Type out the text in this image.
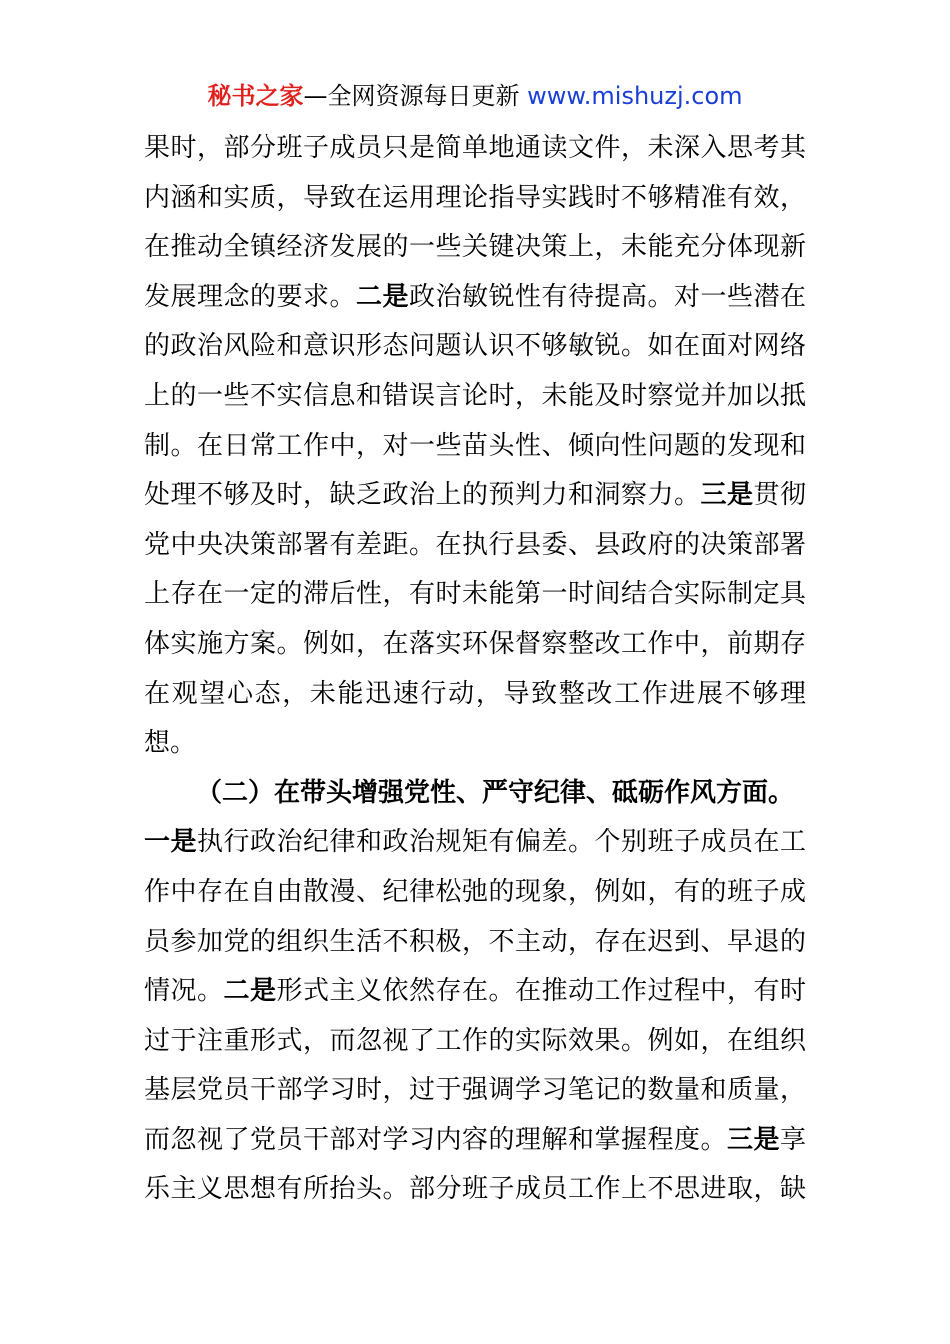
秘书之家—全网资源每日更新 www.mishuzj.com
果时，部分班子成员只是简单地通读文件，未深入思考其
内涵和实质，导致在运用理论指导实践时不够精准有效，
在推动全镇经济发展的一些关键决策上，未能充分体现新
发展理念的要求。二是政治敏锐性有待提高。对一些潜在
的政治风险和意识形态问题认识不够敏锐。如在面对网络
上的一些不实信息和错误言论时，未能及时察觉并加以抵
制。在日常工作中，对一些苗头性、倾向性问题的发现和
处理不够及时，缺乏政治上的预判力和洞察力。三是贯彻
党中央决策部署有差距。在执行县委、县政府的决策部署
上存在一定的滞后性，有时未能第一时间结合实际制定具
体实施方案。例如，在落实环保督察整改工作中，前期存
在观望心态，未能迅速行动，导致整改工作进展不够理
想。
（二）在带头增强党性、严守纪律、砥砺作风方面。
一是执行政治纪律和政治规矩有偏差。个别班子成员在工
作中存在自由散漫、纪律松弛的现象，例如，有的班子成
员参加党的组织生活不积极，不主动，存在迟到、早退的
情况。二是形式主义依然存在。在推动工作过程中，有时
过于注重形式，而忽视了工作的实际效果。例如，在组织
基层党员干部学习时，过于强调学习笔记的数量和质量，
而忽视了党员干部对学习内容的理解和掌握程度。三是享
乐主义思想有所抬头。部分班子成员工作上不思进取，缺
